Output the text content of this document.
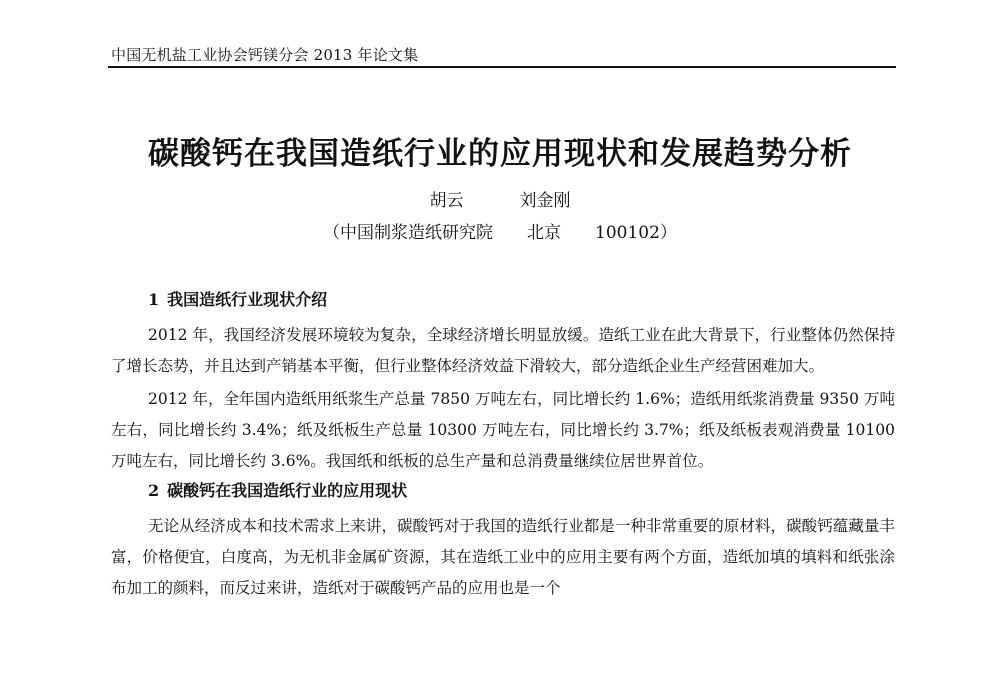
中国无机盐工业协会钙镁分会 2013 年论文集
碳酸钙在我国造纸行业的应用现状和发展趋势分析
胡云	刘金刚
（中国制浆造纸研究院 北京 100102）
1 我国造纸行业现状介绍

2012 年，我国经济发展环境较为复杂，全球经济增长明显放缓。造纸工业在此大背景下，行业整体仍然保持了增长态势，并且达到产销基本平衡，但行业整体经济效益下滑较大，部分造纸企业生产经营困难加大。

2012 年，全年国内造纸用纸浆生产总量 7850 万吨左右，同比增长约 1.6%；造纸用纸浆消费量 9350 万吨左右，同比增长约 3.4%；纸及纸板生产总量 10300 万吨左右，同比增长约 3.7%；纸及纸板表观消费量 10100 万吨左右，同比增长约 3.6%。我国纸和纸板的总生产量和总消费量继续位居世界首位。

2 碳酸钙在我国造纸行业的应用现状

无论从经济成本和技术需求上来讲，碳酸钙对于我国的造纸行业都是一种非常重要的原材料，碳酸钙蕴藏量丰富，价格便宜，白度高，为无机非金属矿资源，其在造纸工业中的应用主要有两个方面，造纸加填的填料和纸张涂布加工的颜料，而反过来讲，造纸对于碳酸钙产品的应用也是一个
